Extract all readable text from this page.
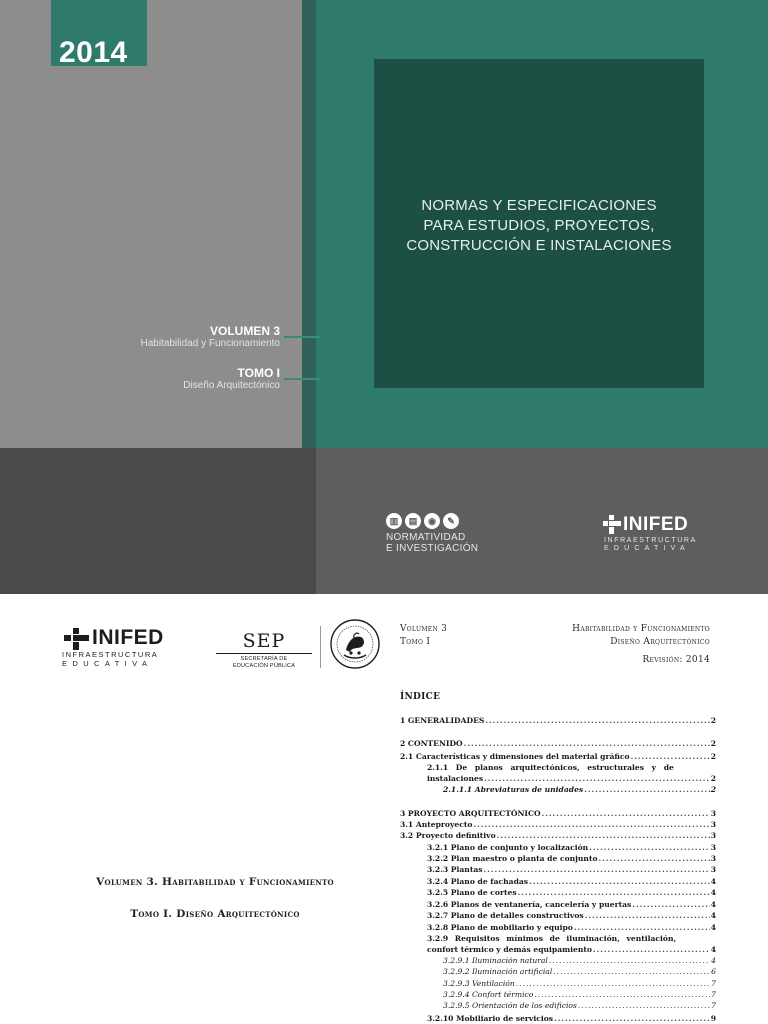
2014
NORMAS Y ESPECIFICACIONES
PARA ESTUDIOS, PROYECTOS,
CONSTRUCCIÓN E INSTALACIONES
VOLUMEN 3
Habitabilidad y Funcionamiento
TOMO I
Diseño Arquitectónico
▥	▤	◉	✎
NORMATIVIDAD
E INVESTIGACIÓN
INIFED
INFRAESTRUCTURA
EDUCATIVA
INIFED
INFRAESTRUCTURA
EDUCATIVA
SEP
SECRETARÍA DE
EDUCACIÓN PÚBLICA
Volumen 3
Tomo I
Habitabilidad y Funcionamiento
Diseño Arquitectónico
Revisión: 2014
Volumen 3. Habitabilidad y Funcionamiento
Tomo I. Diseño Arquitectónico
ÍNDICE
1 GENERALIDADES .....	2
2 CONTENIDO .....	2
2.1 Características y dimensiones del material gráfico .....	2
2.1.1 De planos arquitectónicos, estructurales y de
instalaciones .....	2
2.1.1.1 Abreviaturas de unidades .....	2
3 PROYECTO ARQUITECTÓNICO .....	3
3.1 Anteproyecto .....	3
3.2 Proyecto definitivo .....	3
3.2.1 Plano de conjunto y localización .....	3
3.2.2 Plan maestro o planta de conjunto .....	3
3.2.3 Plantas .....	3
3.2.4 Plano de fachadas .....	4
3.2.5 Plano de cortes .....	4
3.2.6 Planos de ventanería, cancelería y puertas .....	4
3.2.7 Plano de detalles constructivos .....	4
3.2.8 Plano de mobiliario y equipo .....	4
3.2.9 Requisitos mínimos de iluminación, ventilación,
confort térmico y demás equipamiento .....	4
3.2.9.1 Iluminación natural .....	4
3.2.9.2 Iluminación artificial .....	6
3.2.9.3 Ventilación .....	7
3.2.9.4 Confort térmico .....	7
3.2.9.5 Orientación de los edificios .....	7
3.2.10 Mobiliario de servicios .....	9
